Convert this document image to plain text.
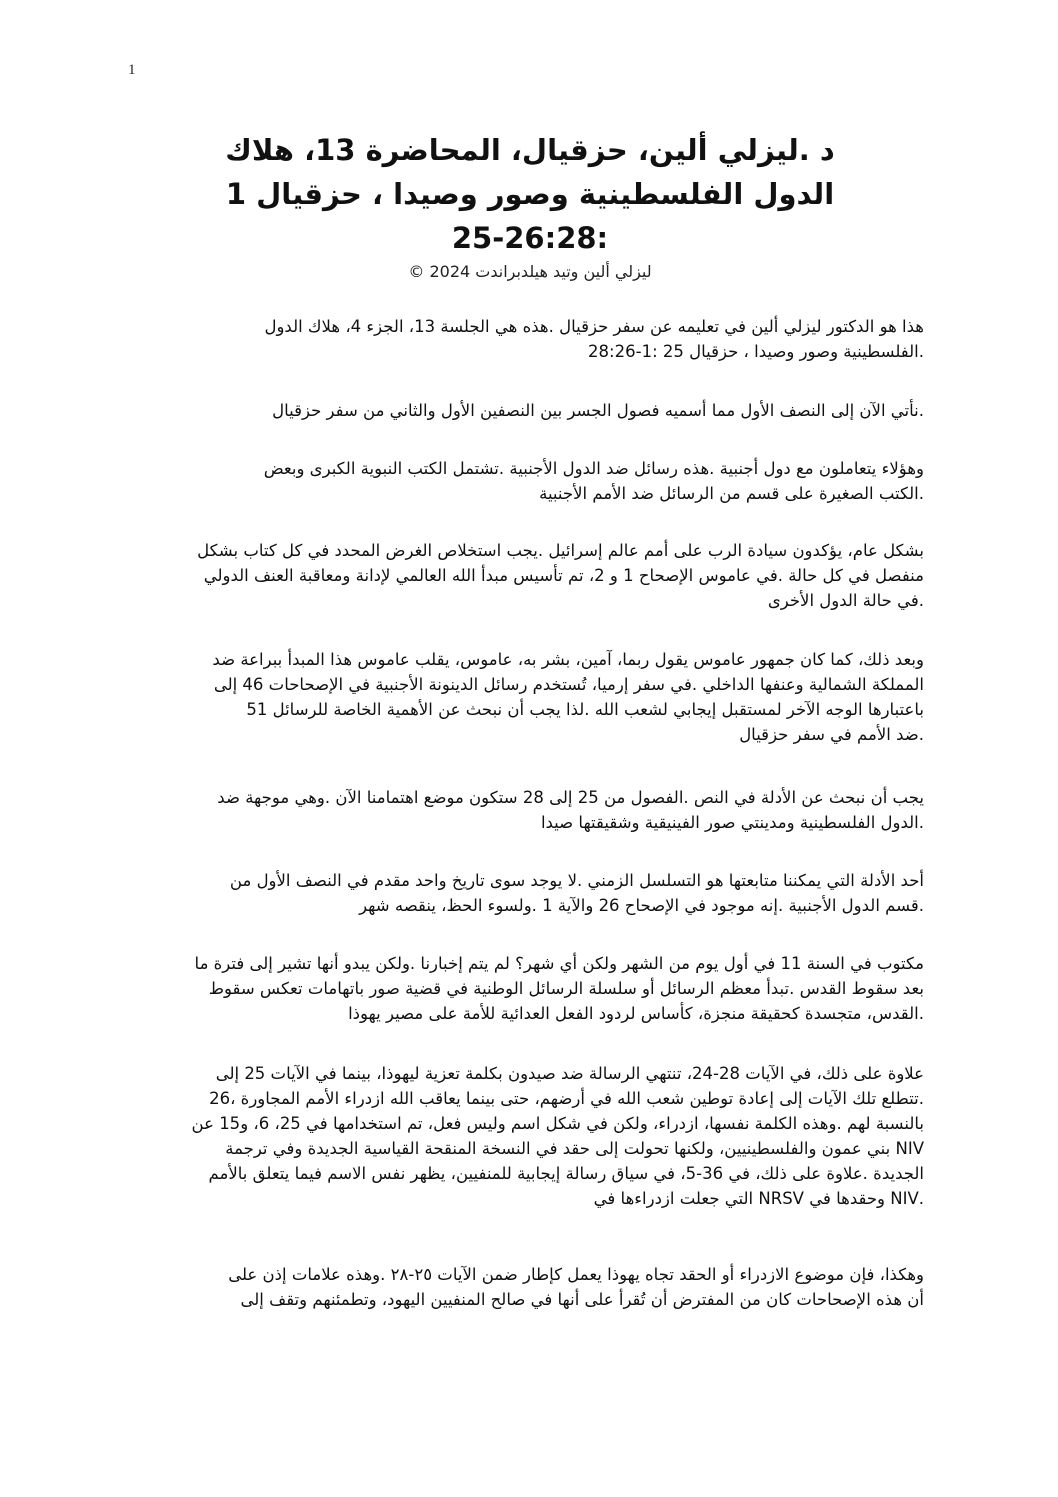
1
د .ليزلي ألين، حزقيال، المحاضرة 13، هلاك
الدول الفلسطينية وصور وصيدا ، حزقيال 1
:25-26:28
ليزلي ألين وتيد هيلدبراندت 2024 ©
هذا هو الدكتور ليزلي ألين في تعليمه عن سفر حزقيال .هذه هي الجلسة 13، الجزء 4، هلاك الدول
.الفلسطينية وصور وصيدا ، حزقيال 25 :1-28:26
.نأتي الآن إلى النصف الأول مما أسميه فصول الجسر بين النصفين الأول والثاني من سفر حزقيال
وهؤلاء يتعاملون مع دول أجنبية .هذه رسائل ضد الدول الأجنبية .تشتمل الكتب النبوية الكبرى وبعض
.الكتب الصغيرة على قسم من الرسائل ضد الأمم الأجنبية
بشكل عام، يؤكدون سيادة الرب على أمم عالم إسرائيل .يجب استخلاص الغرض المحدد في كل كتاب بشكل
منفصل في كل حالة .في عاموس الإصحاح 1 و 2، تم تأسيس مبدأ الله العالمي لإدانة ومعاقبة العنف الدولي
.في حالة الدول الأخرى
وبعد ذلك، كما كان جمهور عاموس يقول ربما، آمين، بشر به، عاموس، يقلب عاموس هذا المبدأ ببراعة ضد
المملكة الشمالية وعنفها الداخلي .في سفر إرميا، تُستخدم رسائل الدينونة الأجنبية في الإصحاحات 46 إلى
باعتبارها الوجه الآخر لمستقبل إيجابي لشعب الله .لذا يجب أن نبحث عن الأهمية الخاصة للرسائل 51
.ضد الأمم في سفر حزقيال
يجب أن نبحث عن الأدلة في النص .الفصول من 25 إلى 28 ستكون موضع اهتمامنا الآن .وهي موجهة ضد
.الدول الفلسطينية ومدينتي صور الفينيقية وشقيقتها صيدا
أحد الأدلة التي يمكننا متابعتها هو التسلسل الزمني .لا يوجد سوى تاريخ واحد مقدم في النصف الأول من
.قسم الدول الأجنبية .إنه موجود في الإصحاح 26 والآية 1 .ولسوء الحظ، ينقصه شهر
مكتوب في السنة 11 في أول يوم من الشهر ولكن أي شهر؟ لم يتم إخبارنا .ولكن يبدو أنها تشير إلى فترة ما
بعد سقوط القدس .تبدأ معظم الرسائل أو سلسلة الرسائل الوطنية في قضية صور باتهامات تعكس سقوط
.القدس، متجسدة كحقيقة منجزة، كأساس لردود الفعل العدائية للأمة على مصير يهوذا
علاوة على ذلك، في الآيات 28-24، تنتهي الرسالة ضد صيدون بكلمة تعزية ليهوذا، بينما في الآيات 25 إلى
.تتطلع تلك الآيات إلى إعادة توطين شعب الله في أرضهم، حتى بينما يعاقب الله ازدراء الأمم المجاورة ،26
بالنسبة لهم .وهذه الكلمة نفسها، ازدراء، ولكن في شكل اسم وليس فعل، تم استخدامها في 25، 6، و15 عن
NIV بني عمون والفلسطينيين، ولكنها تحولت إلى حقد في النسخة المنقحة القياسية الجديدة وفي ترجمة
الجديدة .علاوة على ذلك، في 36-5، في سياق رسالة إيجابية للمنفيين، يظهر نفس الاسم فيما يتعلق بالأمم
.NIV وحقدها في NRSV التي جعلت ازدراءها في
وهكذا، فإن موضوع الازدراء أو الحقد تجاه يهوذا يعمل كإطار ضمن الآيات ٢٥-٢٨ .وهذه علامات إذن على
أن هذه الإصحاحات كان من المفترض أن تُقرأ على أنها في صالح المنفيين اليهود، وتطمئنهم وتقف إلى
